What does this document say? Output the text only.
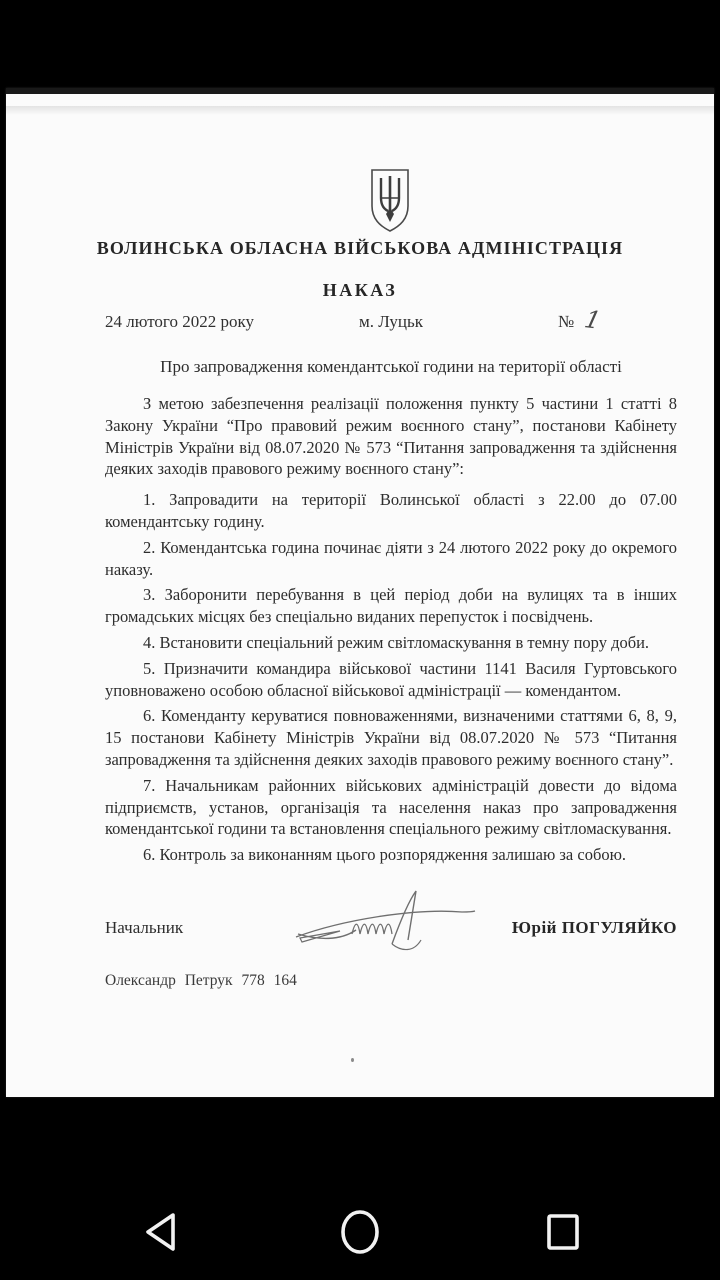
ВОЛИНСЬКА ОБЛАСНА ВІЙСЬКОВА АДМІНІСТРАЦІЯ
НАКАЗ
24 лютого 2022 року	м. Луцьк	№ 1
Про запровадження комендантської години на території області

З метою забезпечення реалізації положення пункту 5 частини 1 статті 8 Закону України “Про правовий режим воєнного стану”, постанови Кабінету Міністрів України від 08.07.2020 № 573 “Питання запровадження та здійснення деяких заходів правового режиму воєнного стану”:

1. Запровадити на території Волинської області з 22.00 до 07.00 комендантську годину.

2. Комендантська година починає діяти з 24 лютого 2022 року до окремого наказу.

3. Заборонити перебування в цей період доби на вулицях та в інших громадських місцях без спеціально виданих перепусток і посвідчень.

4. Встановити спеціальний режим світломаскування в темну пору доби.

5. Призначити командира військової частини 1141 Василя Гуртовського уповноважено особою обласної військової адміністрації — комендантом.

6. Коменданту керуватися повноваженнями, визначеними статтями 6, 8, 9, 15 постанови Кабінету Міністрів України від 08.07.2020 № 573 “Питання запровадження та здійснення деяких заходів правового режиму воєнного стану”.

7. Начальникам районних військових адміністрацій довести до відома підприємств, установ, організація та населення наказ про запровадження комендантської години та встановлення спеціального режиму світломаскування.

6. Контроль за виконанням цього розпорядження залишаю за собою.

Начальник	Юрій ПОГУЛЯЙКО
Олександр Петрук 778 164
